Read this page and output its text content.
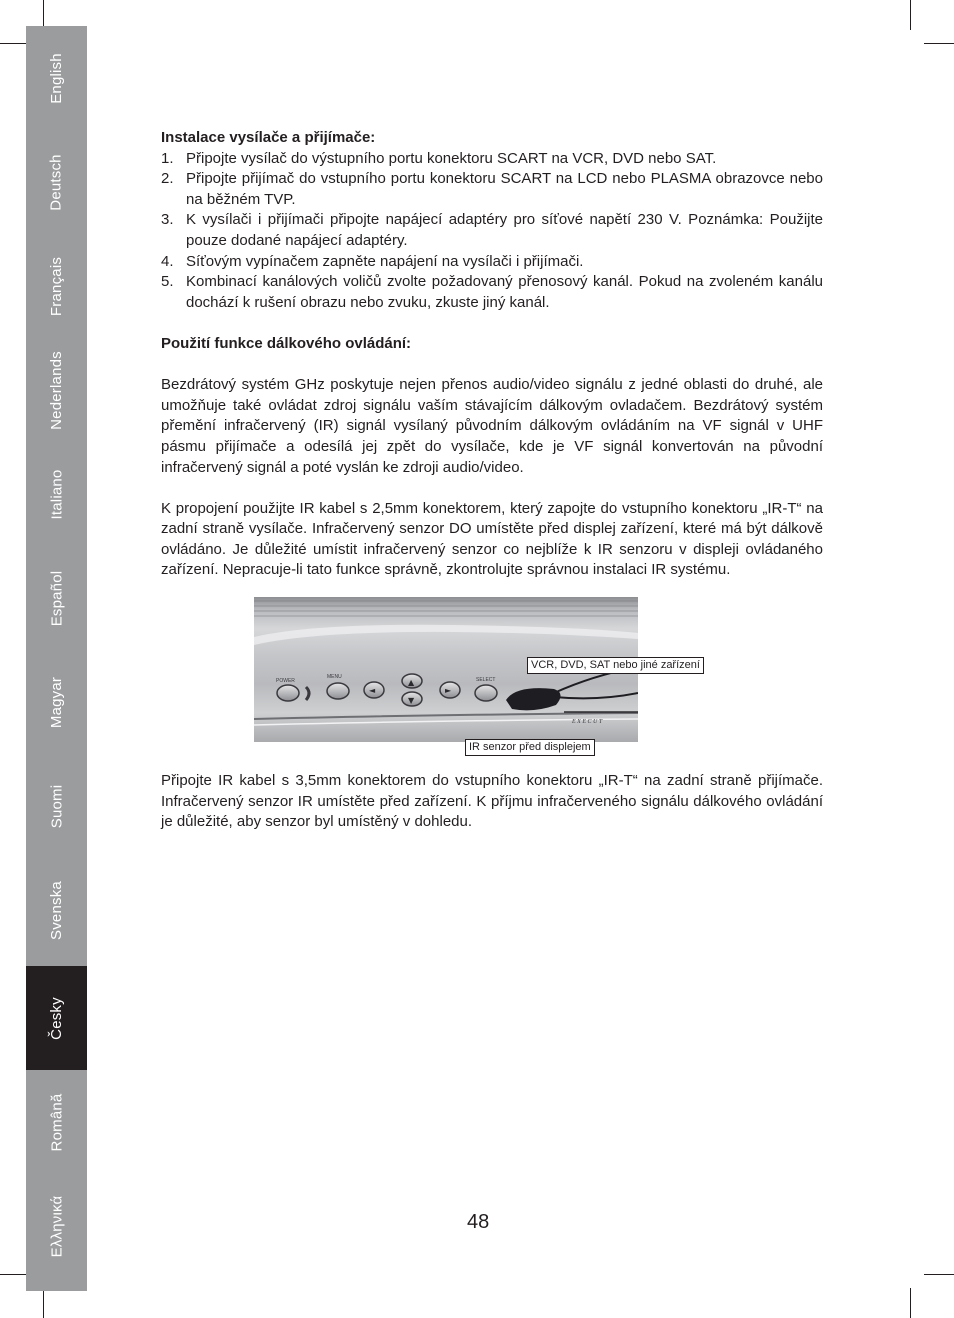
English
Deutsch
Français
Nederlands
Italiano
Español
Magyar
Suomi
Svenska
Česky
Română
Ελληνικά

Instalace vysílače a přijímače:

1. Připojte vysílač do výstupního portu konektoru SCART na VCR, DVD nebo SAT.
2. Připojte přijímač do vstupního portu konektoru SCART na LCD nebo PLASMA obrazovce nebo na běžném TVP.
3. K vysílači i přijímači připojte napájecí adaptéry pro síťové napětí 230 V. Poznámka: Použijte pouze dodané napájecí adaptéry.
4. Síťovým vypínačem zapněte napájení na vysílači i přijímači.
5. Kombinací kanálových voličů zvolte požadovaný přenosový kanál. Pokud na zvoleném kanálu dochází k rušení obrazu nebo zvuku, zkuste jiný kanál.

Použití funkce dálkového ovládání:

Bezdrátový systém GHz poskytuje nejen přenos audio/video signálu z jedné oblasti do druhé, ale umožňuje také ovládat zdroj signálu vaším stávajícím dálkovým ovladačem. Bezdrátový systém přemění infračervený (IR) signál vysílaný původním dálkovým ovládáním na VF signál v UHF pásmu přijímače a odesílá jej zpět do vysílače, kde je VF signál konvertován na původní infračervený signál a poté vyslán ke zdroji audio/video.

K propojení použijte IR kabel s 2,5mm konektorem, který zapojte do vstupního konektoru „IR-T“ na zadní straně vysílače. Infračervený senzor DO umístěte před displej zařízení, které má být dálkově ovládáno. Je důležité umístit infračervený senzor co nejblíže k IR senzoru v displeji ovládaného zařízení. Nepracuje-li tato funkce správně, zkontrolujte správnou instalaci IR systému.

POWER
MENU	SELECT
◄
▲
▼
►
E X E C U T
VCR, DVD, SAT nebo jiné zařízení
IR senzor před displejem

Připojte IR kabel s 3,5mm konektorem do vstupního konektoru „IR-T“ na zadní straně přijímače. Infračervený senzor IR umístěte před zařízení. K příjmu infračerveného signálu dálkového ovládání je důležité, aby senzor byl umístěný v dohledu.

48
